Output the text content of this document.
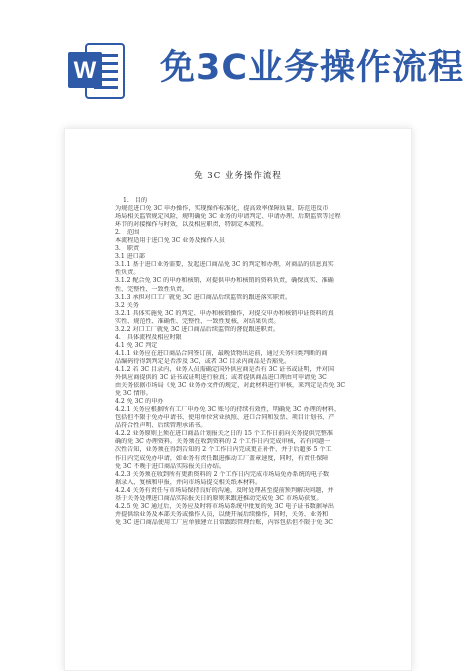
W 免3C业务操作流程
免 3C 业务操作流程
1.　目的
为规范进口免 3C 申办操作，实现操作标准化，提高效率保障质量，防范违反市
场局相关监管规定风险，规明确免 3C 业务的申请判定、申请办理、后期监管等过程
环节的对接操作与时效，以及相应职责，特制定本流程。
2.　范围
本流程适用于进口免 3C 业务及操作人员
3.　职责
3.1 进口部
3.1.1 基于进口业务需要，发起进口商品免 3C 的判定和办理，对商品的信息真实
性负责。
3.1.2 配合免 3C 的申办和核销，对提供申办和核销的资料负责，确保真实、准确
性、完整性、一致性负责。
3.1.3 承担对口工厂就免 3C 进口商品后续监管的跟进落实职责。
3.2 关务
3.2.1 具体实施免 3C 的判定、申办和核销操作，对提交申办和核销申证资料的真
实性、规范性、准确性、完整性、一致性复核，对结果负责。
3.2.2 对口工厂就免 3C 进口商品后续监管的督促跟进职责。
4.　具体流程及相应时限
4.1 免 3C 判定
4.1.1 业务应在进口商品合同签订前，最晚货物出运前，通过关务归类判断的商
品编码待得到判定是否涉及 3C，或者 3C 目录内商品是否豁免。
4.1.2 若 3C 目录内，业务人员需确定国外供应商是否有 3C 证书或证明，并对国
外供应商提供的 3C 证书或证明进行验真；或者提供商品进口理由可申请免 3C
由关务依据市场局《免 3C 业务办文件的规定，对此材料进行审核，来判定是否免 3C
免 3C 情形。
4.2 免 3C 的申办
4.2.1 关务应根据所有工厂申办免 3C 账号的持续有效性，明确免 3C 办理的材料，
包括但不限于免办申请书、使用单位营业执照、进口合同和发票、项目计划书、产
品符合性声明、后续管理承诺书。
4.2.2 业务原则上须在进口商品计划报关之日的 15 个工作日前向关务提供完整准
确的免 3C 办理资料。关务须在收到资料的 2 个工作日内完成审核，若有问题一
次性告知，业务须在得到告知的 2 个工作日内完成更正补件，并于后超多 5 个工
作日内完成免办申请，如业务有责任跟进推动工厂盖章速度，同时，有责任保障
免 3C 不晚于进口商品实际报关日办结。
4.2.3 关务须在收到所有更新资料的 2 个工作日内完成市场局免办系统的电子数
据录入、复核和申报，并向市场局提交相关纸本材料。
4.2.4 关务有责任与市场局保持良好的沟通，及时处理甚至提前预判解决问题，并
基于关务处理进口商品实际报关日的原则来跟进推动完成免 3C 市场局获复。
4.2.5 免 3C 通过后，关务应及时将市场局系统中批复的免 3C 电子证书数据导出
并提供给业务及本部关务或操作人员，以便开展后续操作，同时，关务、业务和
免 3C 进口商品使用工厂应单独建立日常跟踪管理台账，内容包括但不限于免 3C
